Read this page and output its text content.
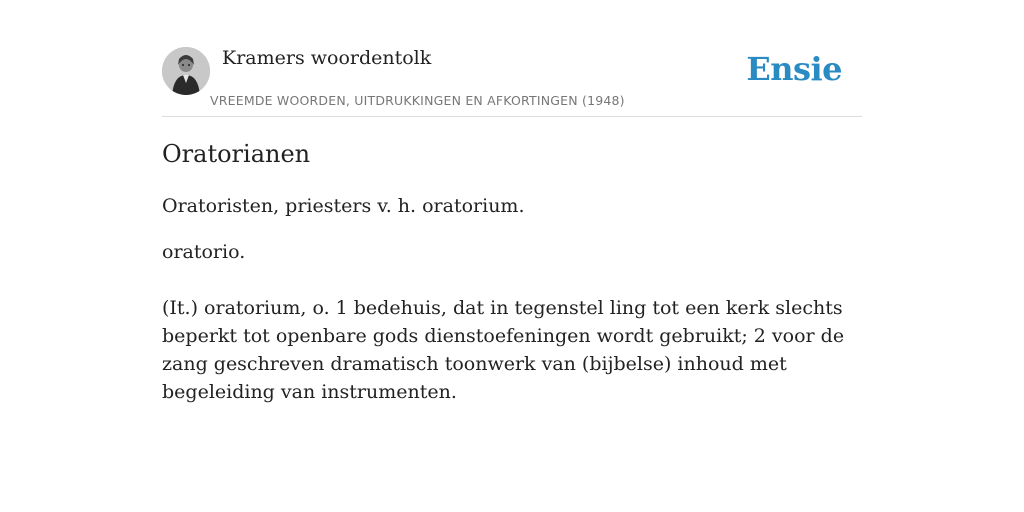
Kramers woordentolk
VREEMDE WOORDEN, UITDRUKKINGEN EN AFKORTINGEN (1948)
Ensie
Oratorianen

Oratoristen, priesters v. h. oratorium.

oratorio.

(It.) oratorium, o. 1 bedehuis, dat in tegenstel ling tot een kerk slechts beperkt tot openbare gods dienstoefeningen wordt gebruikt; 2 voor de zang geschreven dramatisch toonwerk van (bijbelse) inhoud met begeleiding van instrumenten.
